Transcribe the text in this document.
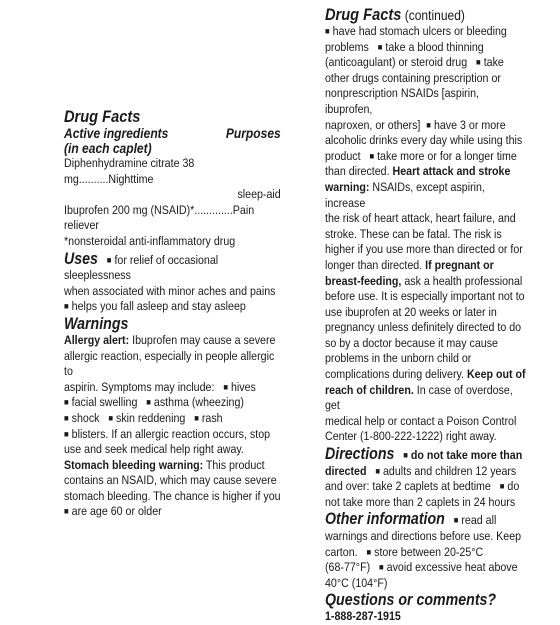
Drug Facts
Active ingredients	Purposes
(in each caplet)

Diphenhydramine citrate 38 mg..........Nighttime

sleep-aid

Ibuprofen 200 mg (NSAID)*.............Pain reliever

*nonsteroidal anti-inflammatory drug

Uses ■ for relief of occasional sleeplessness

when associated with minor aches and pains

■ helps you fall asleep and stay asleep

Warnings

Allergy alert: Ibuprofen may cause a severe

allergic reaction, especially in people allergic to

aspirin. Symptoms may include: ■ hives

■ facial swelling ■ asthma (wheezing)

■ shock ■ skin reddening ■ rash

■ blisters. If an allergic reaction occurs, stop

use and seek medical help right away.

Stomach bleeding warning: This product

contains an NSAID, which may cause severe

stomach bleeding. The chance is higher if you

■ are age 60 or older

Drug Facts (continued)

■ have had stomach ulcers or bleeding

problems ■ take a blood thinning

(anticoagulant) or steroid drug ■ take

other drugs containing prescription or

nonprescription NSAIDs [aspirin, ibuprofen,

naproxen, or others] ■ have 3 or more

alcoholic drinks every day while using this

product ■ take more or for a longer time

than directed. Heart attack and stroke

warning: NSAIDs, except aspirin, increase

the risk of heart attack, heart failure, and

stroke. These can be fatal. The risk is

higher if you use more than directed or for

longer than directed. If pregnant or

breast-feeding, ask a health professional

before use. It is especially important not to

use ibuprofen at 20 weeks or later in

pregnancy unless definitely directed to do

so by a doctor because it may cause

problems in the unborn child or

complications during delivery. Keep out of

reach of children. In case of overdose, get

medical help or contact a Poison Control

Center (1-800-222-1222) right away.

Directions ■ do not take more than

directed ■ adults and children 12 years

and over: take 2 caplets at bedtime ■ do

not take more than 2 caplets in 24 hours

Other information ■ read all

warnings and directions before use. Keep

carton. ■ store between 20-25°C

(68-77°F) ■ avoid excessive heat above

40°C (104°F)

Questions or comments?

1-888-287-1915
